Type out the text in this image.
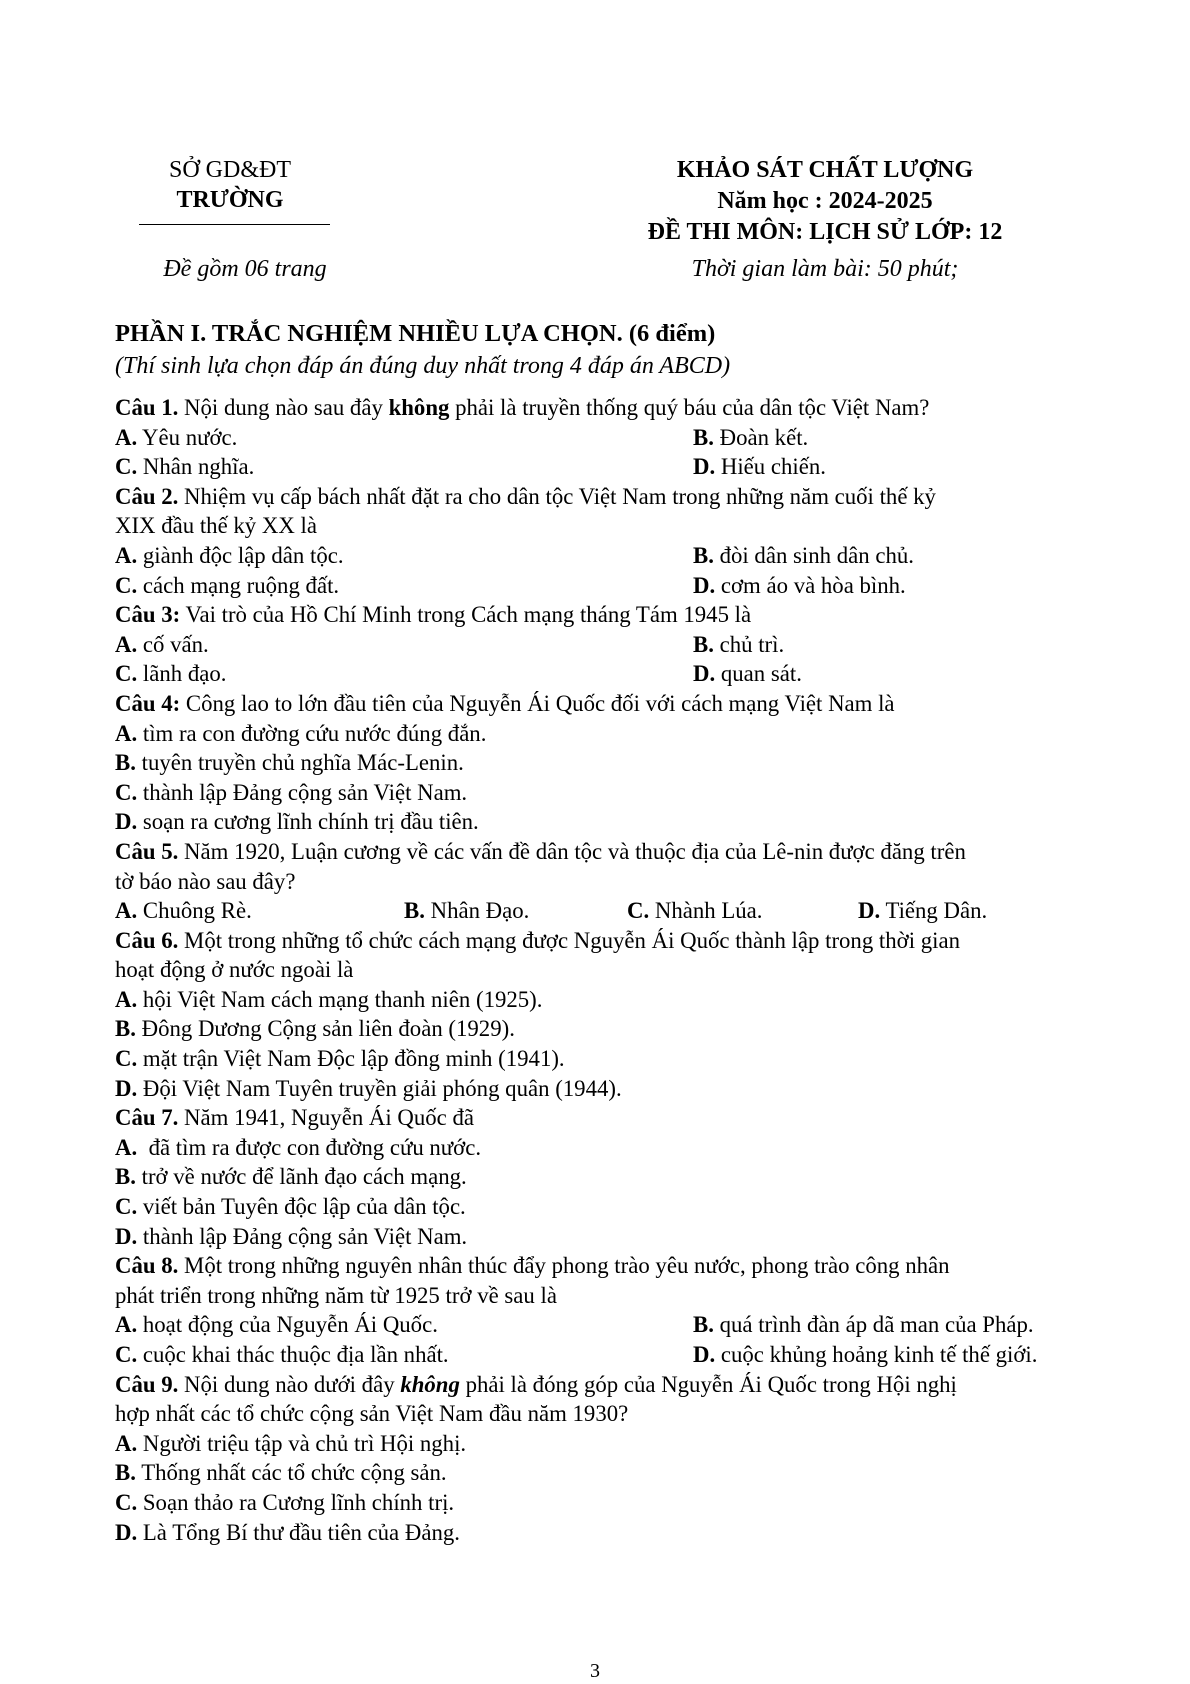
SỞ GD&ĐT
TRƯỜNG
Đề gồm 06 trang
KHẢO SÁT CHẤT LƯỢNG
Năm học : 2024-2025
ĐỀ THI MÔN: LỊCH SỬ LỚP: 12
Thời gian làm bài: 50 phút;
PHẦN I. TRẮC NGHIỆM NHIỀU LỰA CHỌN. (6 điểm)
(Thí sinh lựa chọn đáp án đúng duy nhất trong 4 đáp án ABCD)
Câu 1. Nội dung nào sau đây không phải là truyền thống quý báu của dân tộc Việt Nam?
A. Yêu nước.	B. Đoàn kết.
C. Nhân nghĩa.	D. Hiếu chiến.
Câu 2. Nhiệm vụ cấp bách nhất đặt ra cho dân tộc Việt Nam trong những năm cuối thế kỷ
XIX đầu thế kỷ XX là
A. giành độc lập dân tộc.	B. đòi dân sinh dân chủ.
C. cách mạng ruộng đất.	D. cơm áo và hòa bình.
Câu 3: Vai trò của Hồ Chí Minh trong Cách mạng tháng Tám 1945 là
A. cố vấn.	B. chủ trì.
C. lãnh đạo.	D. quan sát.
Câu 4: Công lao to lớn đầu tiên của Nguyễn Ái Quốc đối với cách mạng Việt Nam là
A. tìm ra con đường cứu nước đúng đắn.
B. tuyên truyền chủ nghĩa Mác-Lenin.
C. thành lập Đảng cộng sản Việt Nam.
D. soạn ra cương lĩnh chính trị đầu tiên.
Câu 5. Năm 1920, Luận cương về các vấn đề dân tộc và thuộc địa của Lê-nin được đăng trên
tờ báo nào sau đây?
A. Chuông Rè.	B. Nhân Đạo.	C. Nhành Lúa.	D. Tiếng Dân.
Câu 6. Một trong những tổ chức cách mạng được Nguyễn Ái Quốc thành lập trong thời gian
hoạt động ở nước ngoài là
A. hội Việt Nam cách mạng thanh niên (1925).
B. Đông Dương Cộng sản liên đoàn (1929).
C. mặt trận Việt Nam Độc lập đồng minh (1941).
D. Đội Việt Nam Tuyên truyền giải phóng quân (1944).
Câu 7. Năm 1941, Nguyễn Ái Quốc đã
A.  đã tìm ra được con đường cứu nước.
B. trở về nước để lãnh đạo cách mạng.
C. viết bản Tuyên độc lập của dân tộc.
D. thành lập Đảng cộng sản Việt Nam.
Câu 8. Một trong những nguyên nhân thúc đẩy phong trào yêu nước, phong trào công nhân
phát triển trong những năm từ 1925 trở về sau là
A. hoạt động của Nguyễn Ái Quốc.	B. quá trình đàn áp dã man của Pháp.
C. cuộc khai thác thuộc địa lần nhất.	D. cuộc khủng hoảng kinh tế thế giới.
Câu 9. Nội dung nào dưới đây không phải là đóng góp của Nguyễn Ái Quốc trong Hội nghị
hợp nhất các tổ chức cộng sản Việt Nam đầu năm 1930?
A. Người triệu tập và chủ trì Hội nghị.
B. Thống nhất các tổ chức cộng sản.
C. Soạn thảo ra Cương lĩnh chính trị.
D. Là Tổng Bí thư đầu tiên của Đảng.
3
